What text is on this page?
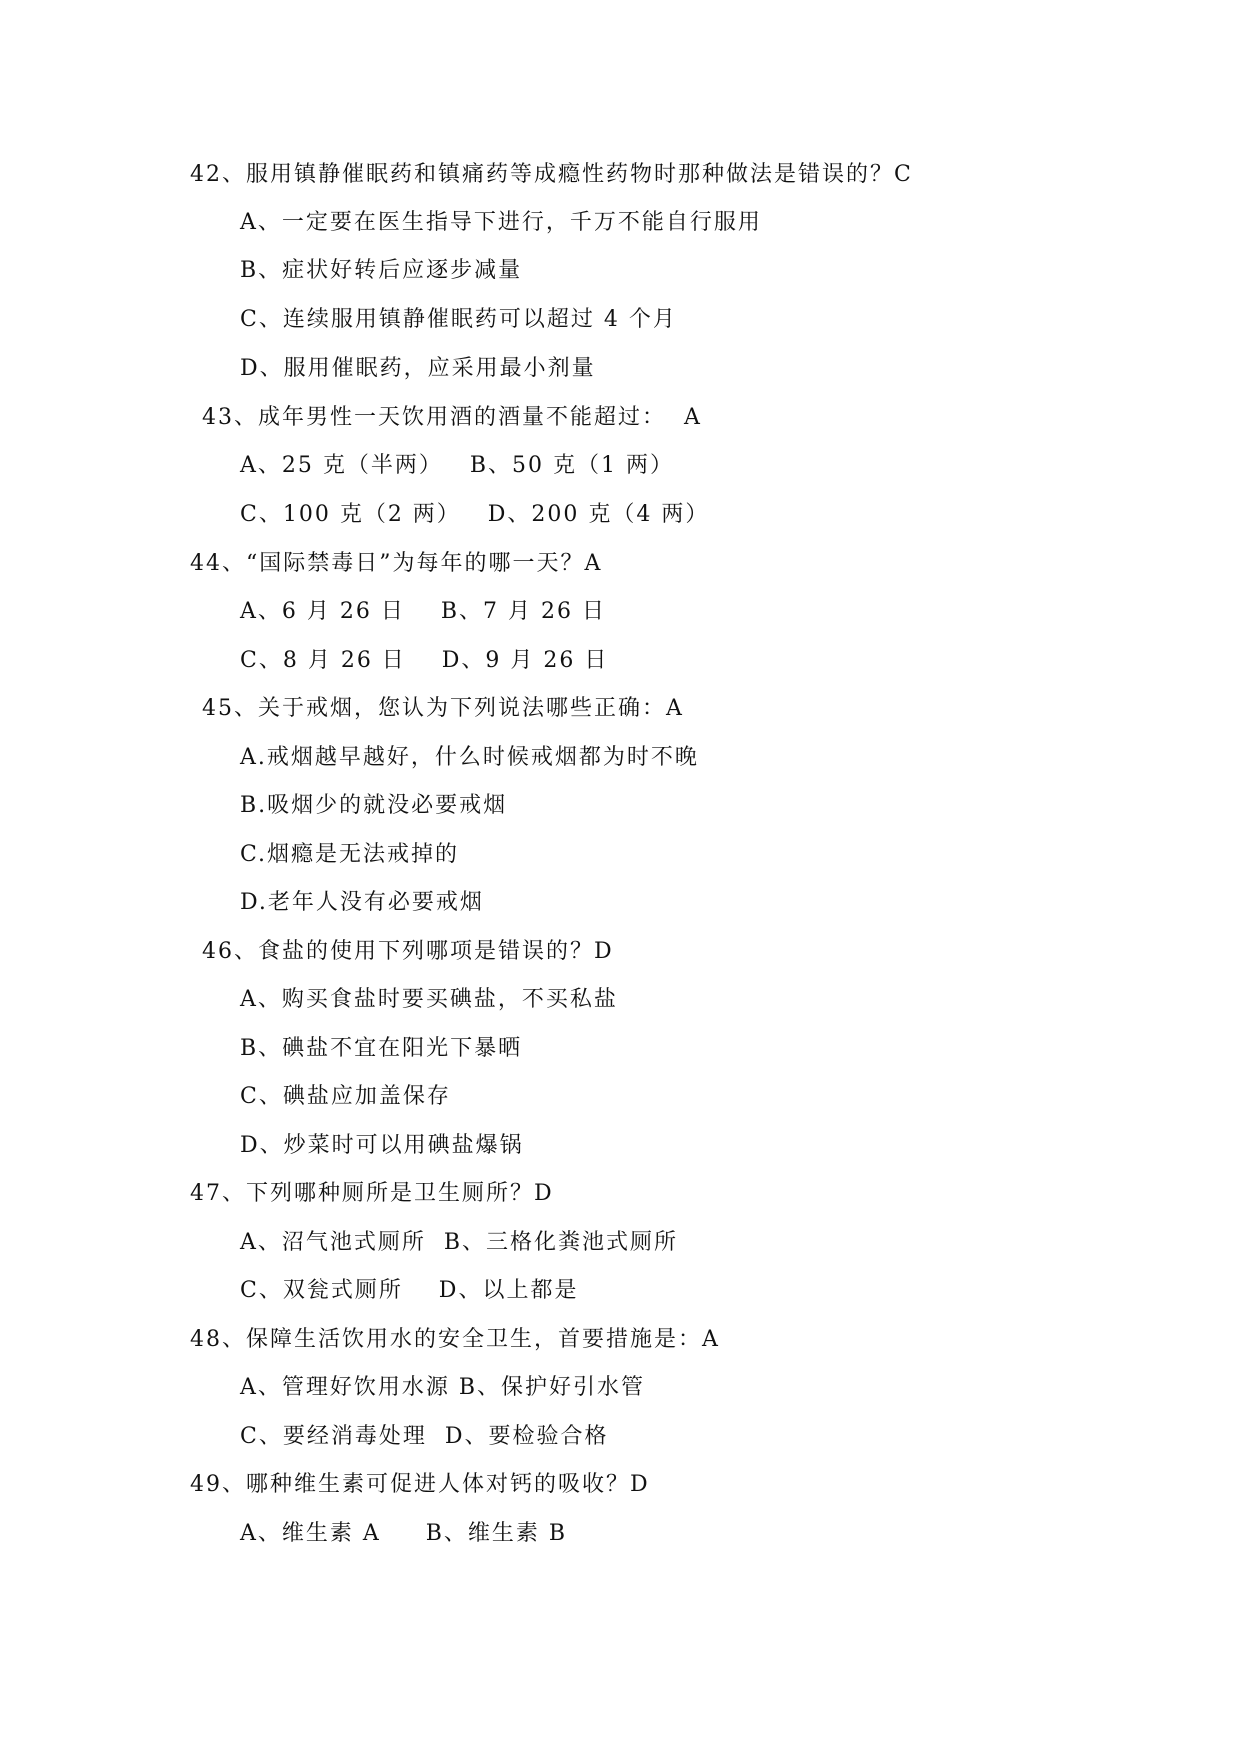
42、服用镇静催眠药和镇痛药等成瘾性药物时那种做法是错误的？C
A、一定要在医生指导下进行，千万不能自行服用
B、症状好转后应逐步减量
C、连续服用镇静催眠药可以超过 4 个月
D、服用催眠药，应采用最小剂量
43、成年男性一天饮用酒的酒量不能超过：  A
A、25 克（半两）   B、50 克（1 两）
C、100 克（2 两）   D、200 克（4 两）
44、“国际禁毒日”为每年的哪一天？A
A、6 月 26 日    B、7 月 26 日
C、8 月 26 日    D、9 月 26 日
45、关于戒烟，您认为下列说法哪些正确：A
A.戒烟越早越好，什么时候戒烟都为时不晚
B.吸烟少的就没必要戒烟
C.烟瘾是无法戒掉的
D.老年人没有必要戒烟
46、食盐的使用下列哪项是错误的？D
A、购买食盐时要买碘盐，不买私盐
B、碘盐不宜在阳光下暴晒
C、碘盐应加盖保存
D、炒菜时可以用碘盐爆锅
47、下列哪种厕所是卫生厕所？D
A、沼气池式厕所  B、三格化粪池式厕所
C、双瓮式厕所    D、以上都是
48、保障生活饮用水的安全卫生，首要措施是：A
A、管理好饮用水源 B、保护好引水管
C、要经消毒处理  D、要检验合格
49、哪种维生素可促进人体对钙的吸收？D
A、维生素 A     B、维生素 B
